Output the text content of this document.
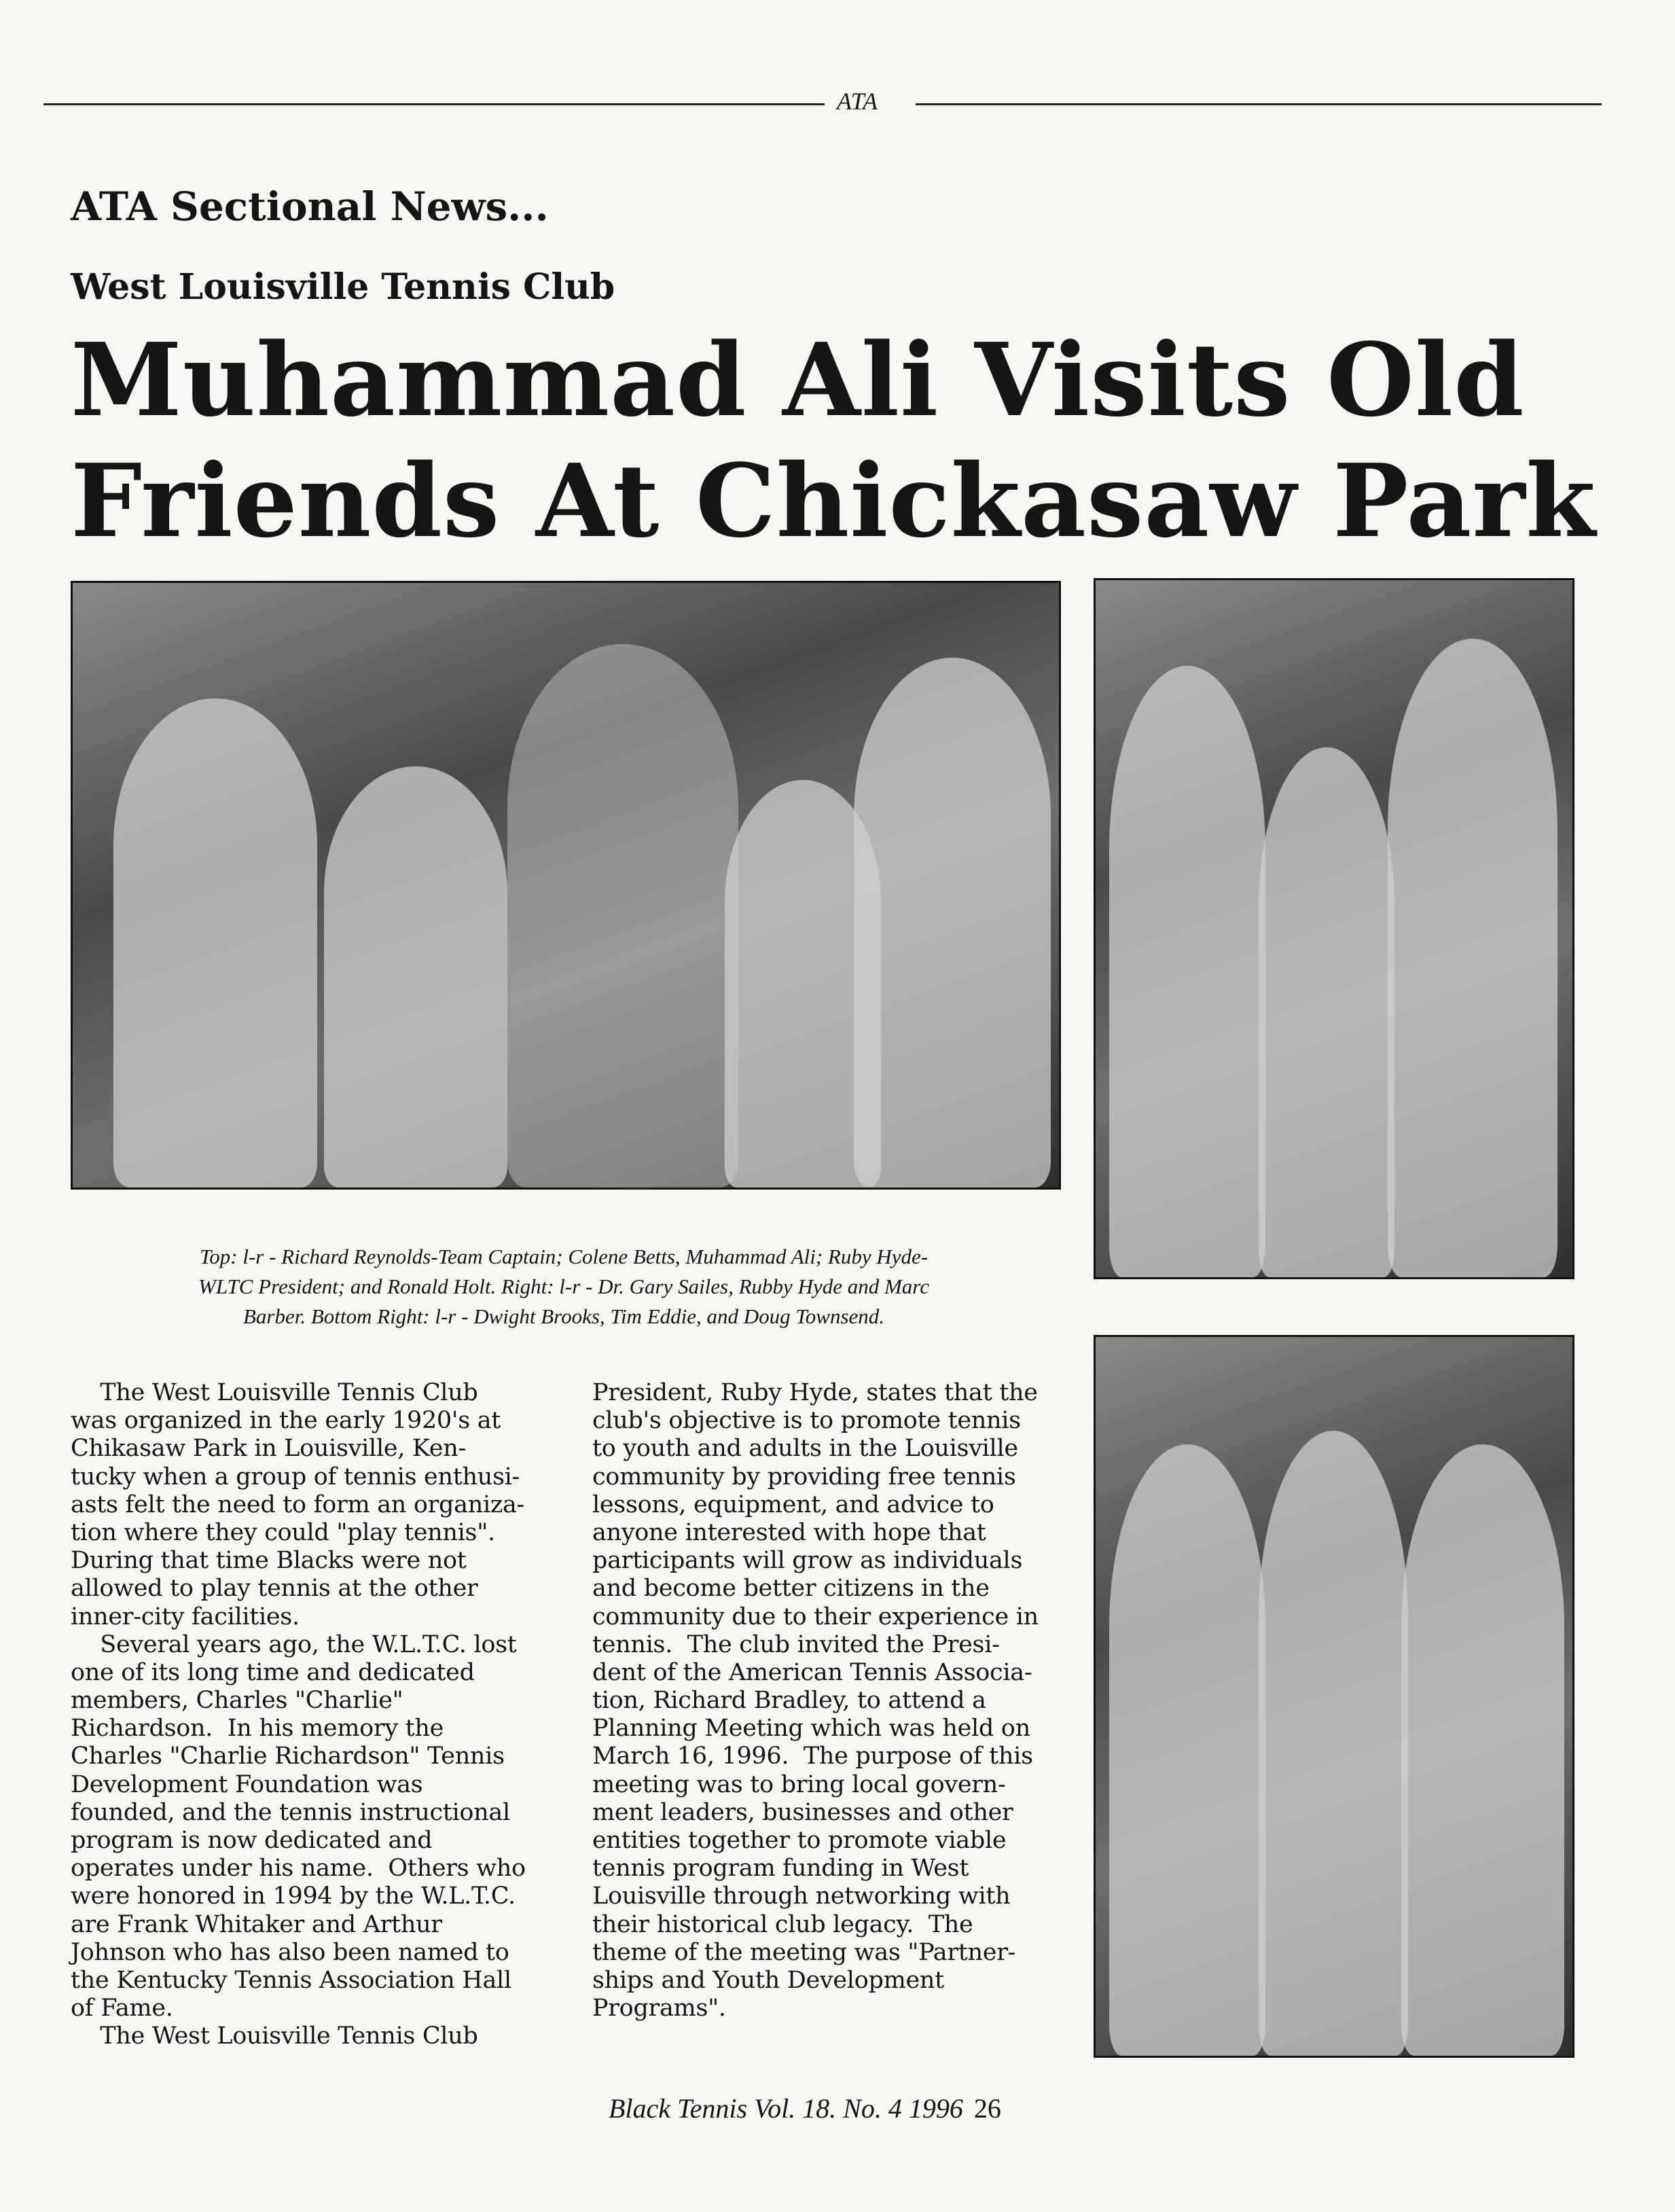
ATA
ATA Sectional News...
West Louisville Tennis Club
Muhammad Ali Visits Old
Friends At Chickasaw Park
Top: l-r - Richard Reynolds-Team Captain; Colene Betts, Muhammad Ali; Ruby Hyde-
WLTC President; and Ronald Holt. Right: l-r - Dr. Gary Sailes, Rubby Hyde and Marc
Barber. Bottom Right: l-r - Dwight Brooks, Tim Eddie, and Doug Townsend.
The West Louisville Tennis Club
was organized in the early 1920's at
Chikasaw Park in Louisville, Ken-
tucky when a group of tennis enthusi-
asts felt the need to form an organiza-
tion where they could "play tennis".
During that time Blacks were not
allowed to play tennis at the other
inner-city facilities.
Several years ago, the W.L.T.C. lost
one of its long time and dedicated
members, Charles "Charlie"
Richardson.  In his memory the
Charles "Charlie Richardson" Tennis
Development Foundation was
founded, and the tennis instructional
program is now dedicated and
operates under his name.  Others who
were honored in 1994 by the W.L.T.C.
are Frank Whitaker and Arthur
Johnson who has also been named to
the Kentucky Tennis Association Hall
of Fame.
The West Louisville Tennis Club
President, Ruby Hyde, states that the
club's objective is to promote tennis
to youth and adults in the Louisville
community by providing free tennis
lessons, equipment, and advice to
anyone interested with hope that
participants will grow as individuals
and become better citizens in the
community due to their experience in
tennis.  The club invited the Presi-
dent of the American Tennis Associa-
tion, Richard Bradley, to attend a
Planning Meeting which was held on
March 16, 1996.  The purpose of this
meeting was to bring local govern-
ment leaders, businesses and other
entities together to promote viable
tennis program funding in West
Louisville through networking with
their historical club legacy.  The
theme of the meeting was "Partner-
ships and Youth Development
Programs".
Black Tennis Vol. 18. No. 4 1996 26
